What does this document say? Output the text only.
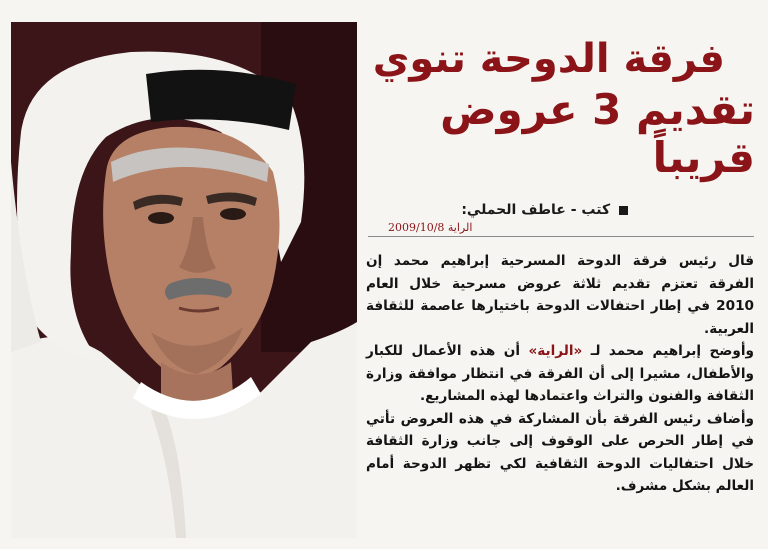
فرقة الدوحة تنوي
تقديم 3 عروض قريباً
كتب - عاطف الحملي:
الراية 2009/10/8

قال رئيس فرقة الدوحة المسرحية إبراهيم محمد إن الفرقة تعتزم تقديم ثلاثة عروض مسرحية خلال العام 2010 في إطار احتفالات الدوحة باختيارها عاصمة للثقافة العربية.

وأوضح إبراهيم محمد لـ «الراية» أن هذه الأعمال للكبار والأطفال، مشيرا إلى أن الفرقة في انتظار موافقة وزارة الثقافة والفنون والتراث واعتمادها لهذه المشاريع.

وأضاف رئيس الفرقة بأن المشاركة في هذه العروض تأتي في إطار الحرص على الوقوف إلى جانب وزارة الثقافة خلال احتفاليات الدوحة الثقافية لكي تظهر الدوحة أمام العالم بشكل مشرف.
